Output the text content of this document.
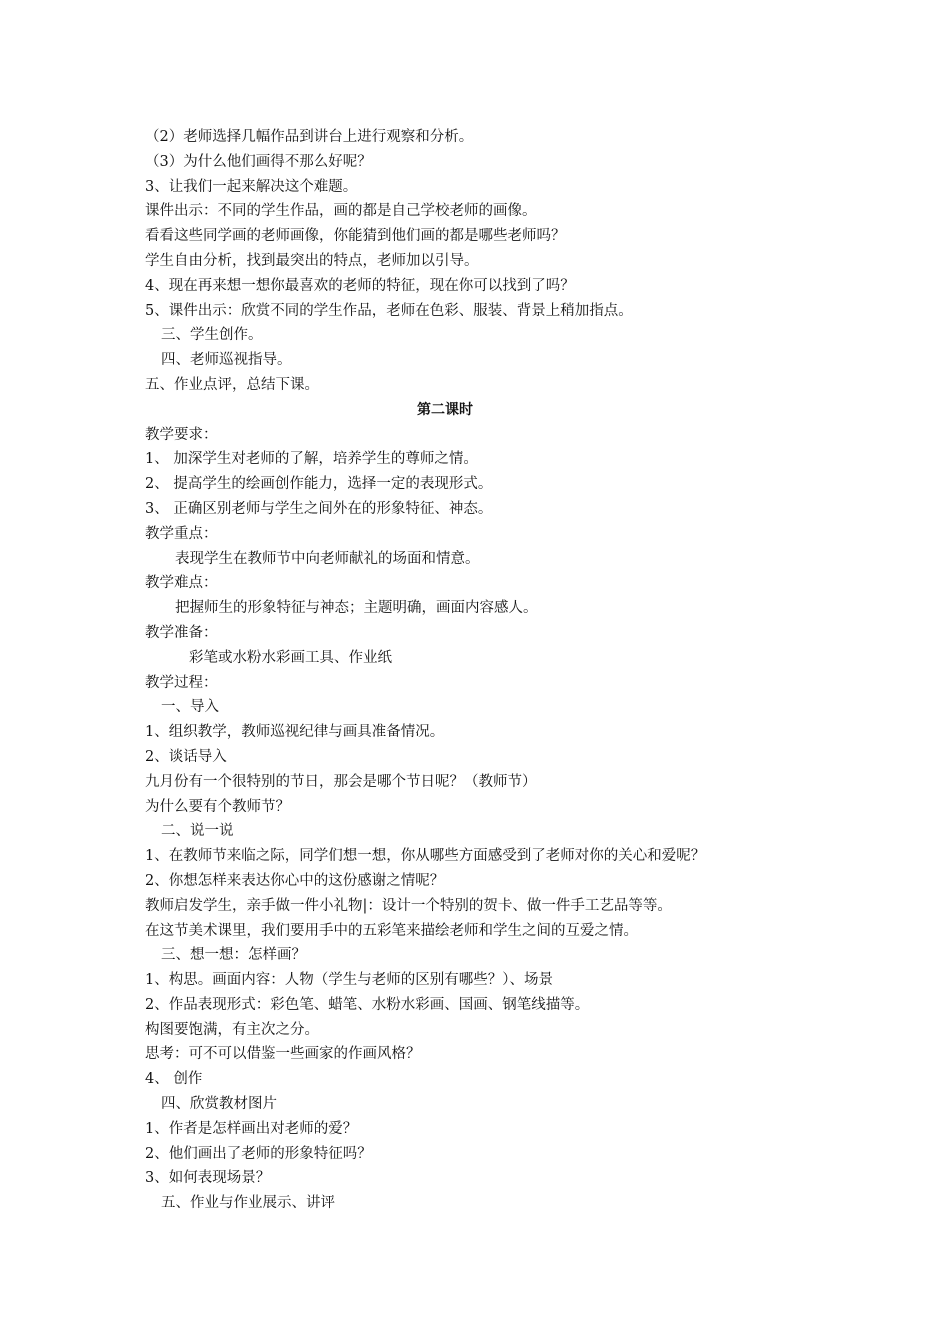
（2）老师选择几幅作品到讲台上进行观察和分析。
（3）为什么他们画得不那么好呢？
3、让我们一起来解决这个难题。
课件出示：不同的学生作品，画的都是自己学校老师的画像。
看看这些同学画的老师画像，你能猜到他们画的都是哪些老师吗？
学生自由分析，找到最突出的特点，老师加以引导。
4、现在再来想一想你最喜欢的老师的特征，现在你可以找到了吗？
5、课件出示：欣赏不同的学生作品，老师在色彩、服装、背景上稍加指点。
三、学生创作。
四、老师巡视指导。
五、作业点评，总结下课。
第二课时
教学要求：
1、 加深学生对老师的了解，培养学生的尊师之情。
2、 提高学生的绘画创作能力，选择一定的表现形式。
3、 正确区别老师与学生之间外在的形象特征、神态。
教学重点：
表现学生在教师节中向老师献礼的场面和情意。
教学难点：
把握师生的形象特征与神态；主题明确，画面内容感人。
教学准备：
彩笔或水粉水彩画工具、作业纸
教学过程：
一、导入
1、组织教学，教师巡视纪律与画具准备情况。
2、谈话导入
九月份有一个很特别的节日，那会是哪个节日呢？（教师节）
为什么要有个教师节？
二、说一说
1、在教师节来临之际，同学们想一想，你从哪些方面感受到了老师对你的关心和爱呢？
2、你想怎样来表达你心中的这份感谢之情呢？
教师启发学生，亲手做一件小礼物|：设计一个特别的贺卡、做一件手工艺品等等。
在这节美术课里，我们要用手中的五彩笔来描绘老师和学生之间的互爱之情。
三、想一想：怎样画？
1、构思。画面内容：人物（学生与老师的区别有哪些？）、场景
2、作品表现形式：彩色笔、蜡笔、水粉水彩画、国画、钢笔线描等。
构图要饱满，有主次之分。
思考：可不可以借鉴一些画家的作画风格？
4、 创作
四、欣赏教材图片
1、作者是怎样画出对老师的爱？
2、他们画出了老师的形象特征吗？
3、如何表现场景？
五、作业与作业展示、讲评
